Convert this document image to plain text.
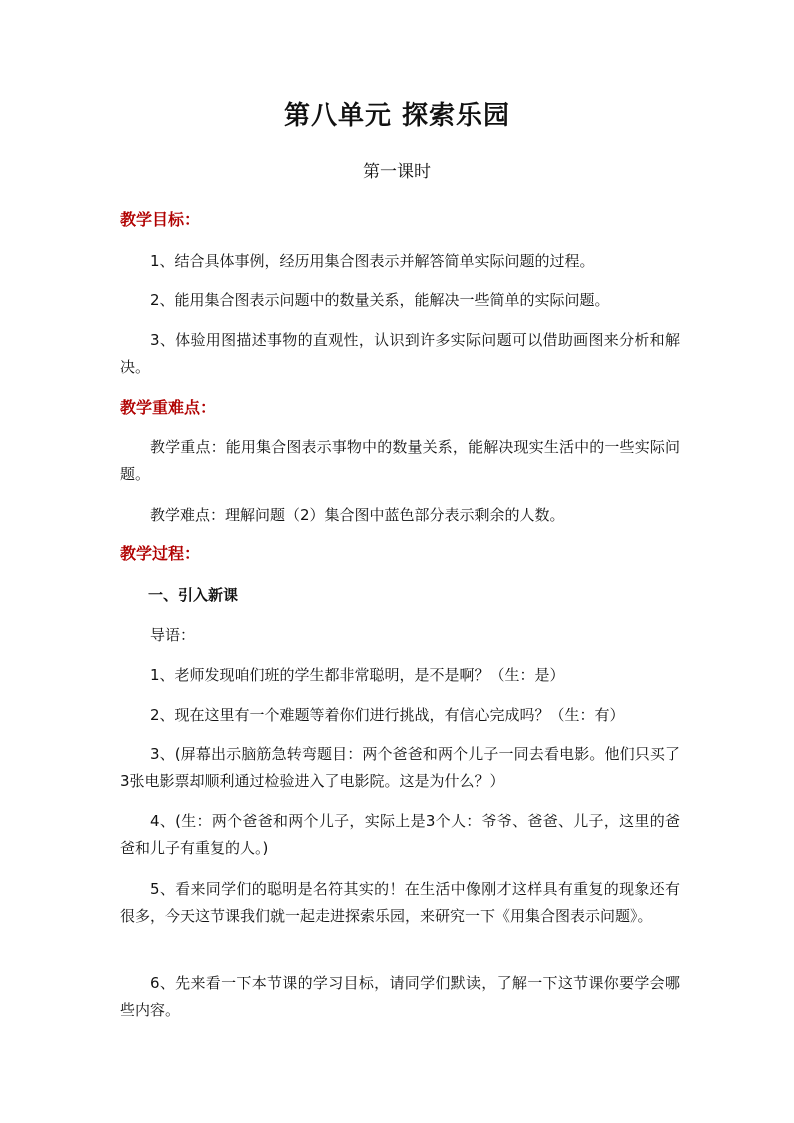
第八单元 探索乐园
第一课时
教学目标：
1、结合具体事例，经历用集合图表示并解答简单实际问题的过程。
2、能用集合图表示问题中的数量关系，能解决一些简单的实际问题。
3、体验用图描述事物的直观性，认识到许多实际问题可以借助画图来分析和解决。
教学重难点：
教学重点：能用集合图表示事物中的数量关系，能解决现实生活中的一些实际问题。
教学难点：理解问题（2）集合图中蓝色部分表示剩余的人数。
教学过程：
一、引入新课
导语：
1、老师发现咱们班的学生都非常聪明，是不是啊？（生：是）
2、现在这里有一个难题等着你们进行挑战，有信心完成吗？（生：有）
3、(屏幕出示脑筋急转弯题目：两个爸爸和两个儿子一同去看电影。他们只买了3张电影票却顺利通过检验进入了电影院。这是为什么？）
4、(生：两个爸爸和两个儿子，实际上是3个人：爷爷、爸爸、儿子，这里的爸爸和儿子有重复的人。)
5、看来同学们的聪明是名符其实的！在生活中像刚才这样具有重复的现象还有很多，今天这节课我们就一起走进探索乐园，来研究一下《用集合图表示问题》。
6、先来看一下本节课的学习目标，请同学们默读，了解一下这节课你要学会哪些内容。
